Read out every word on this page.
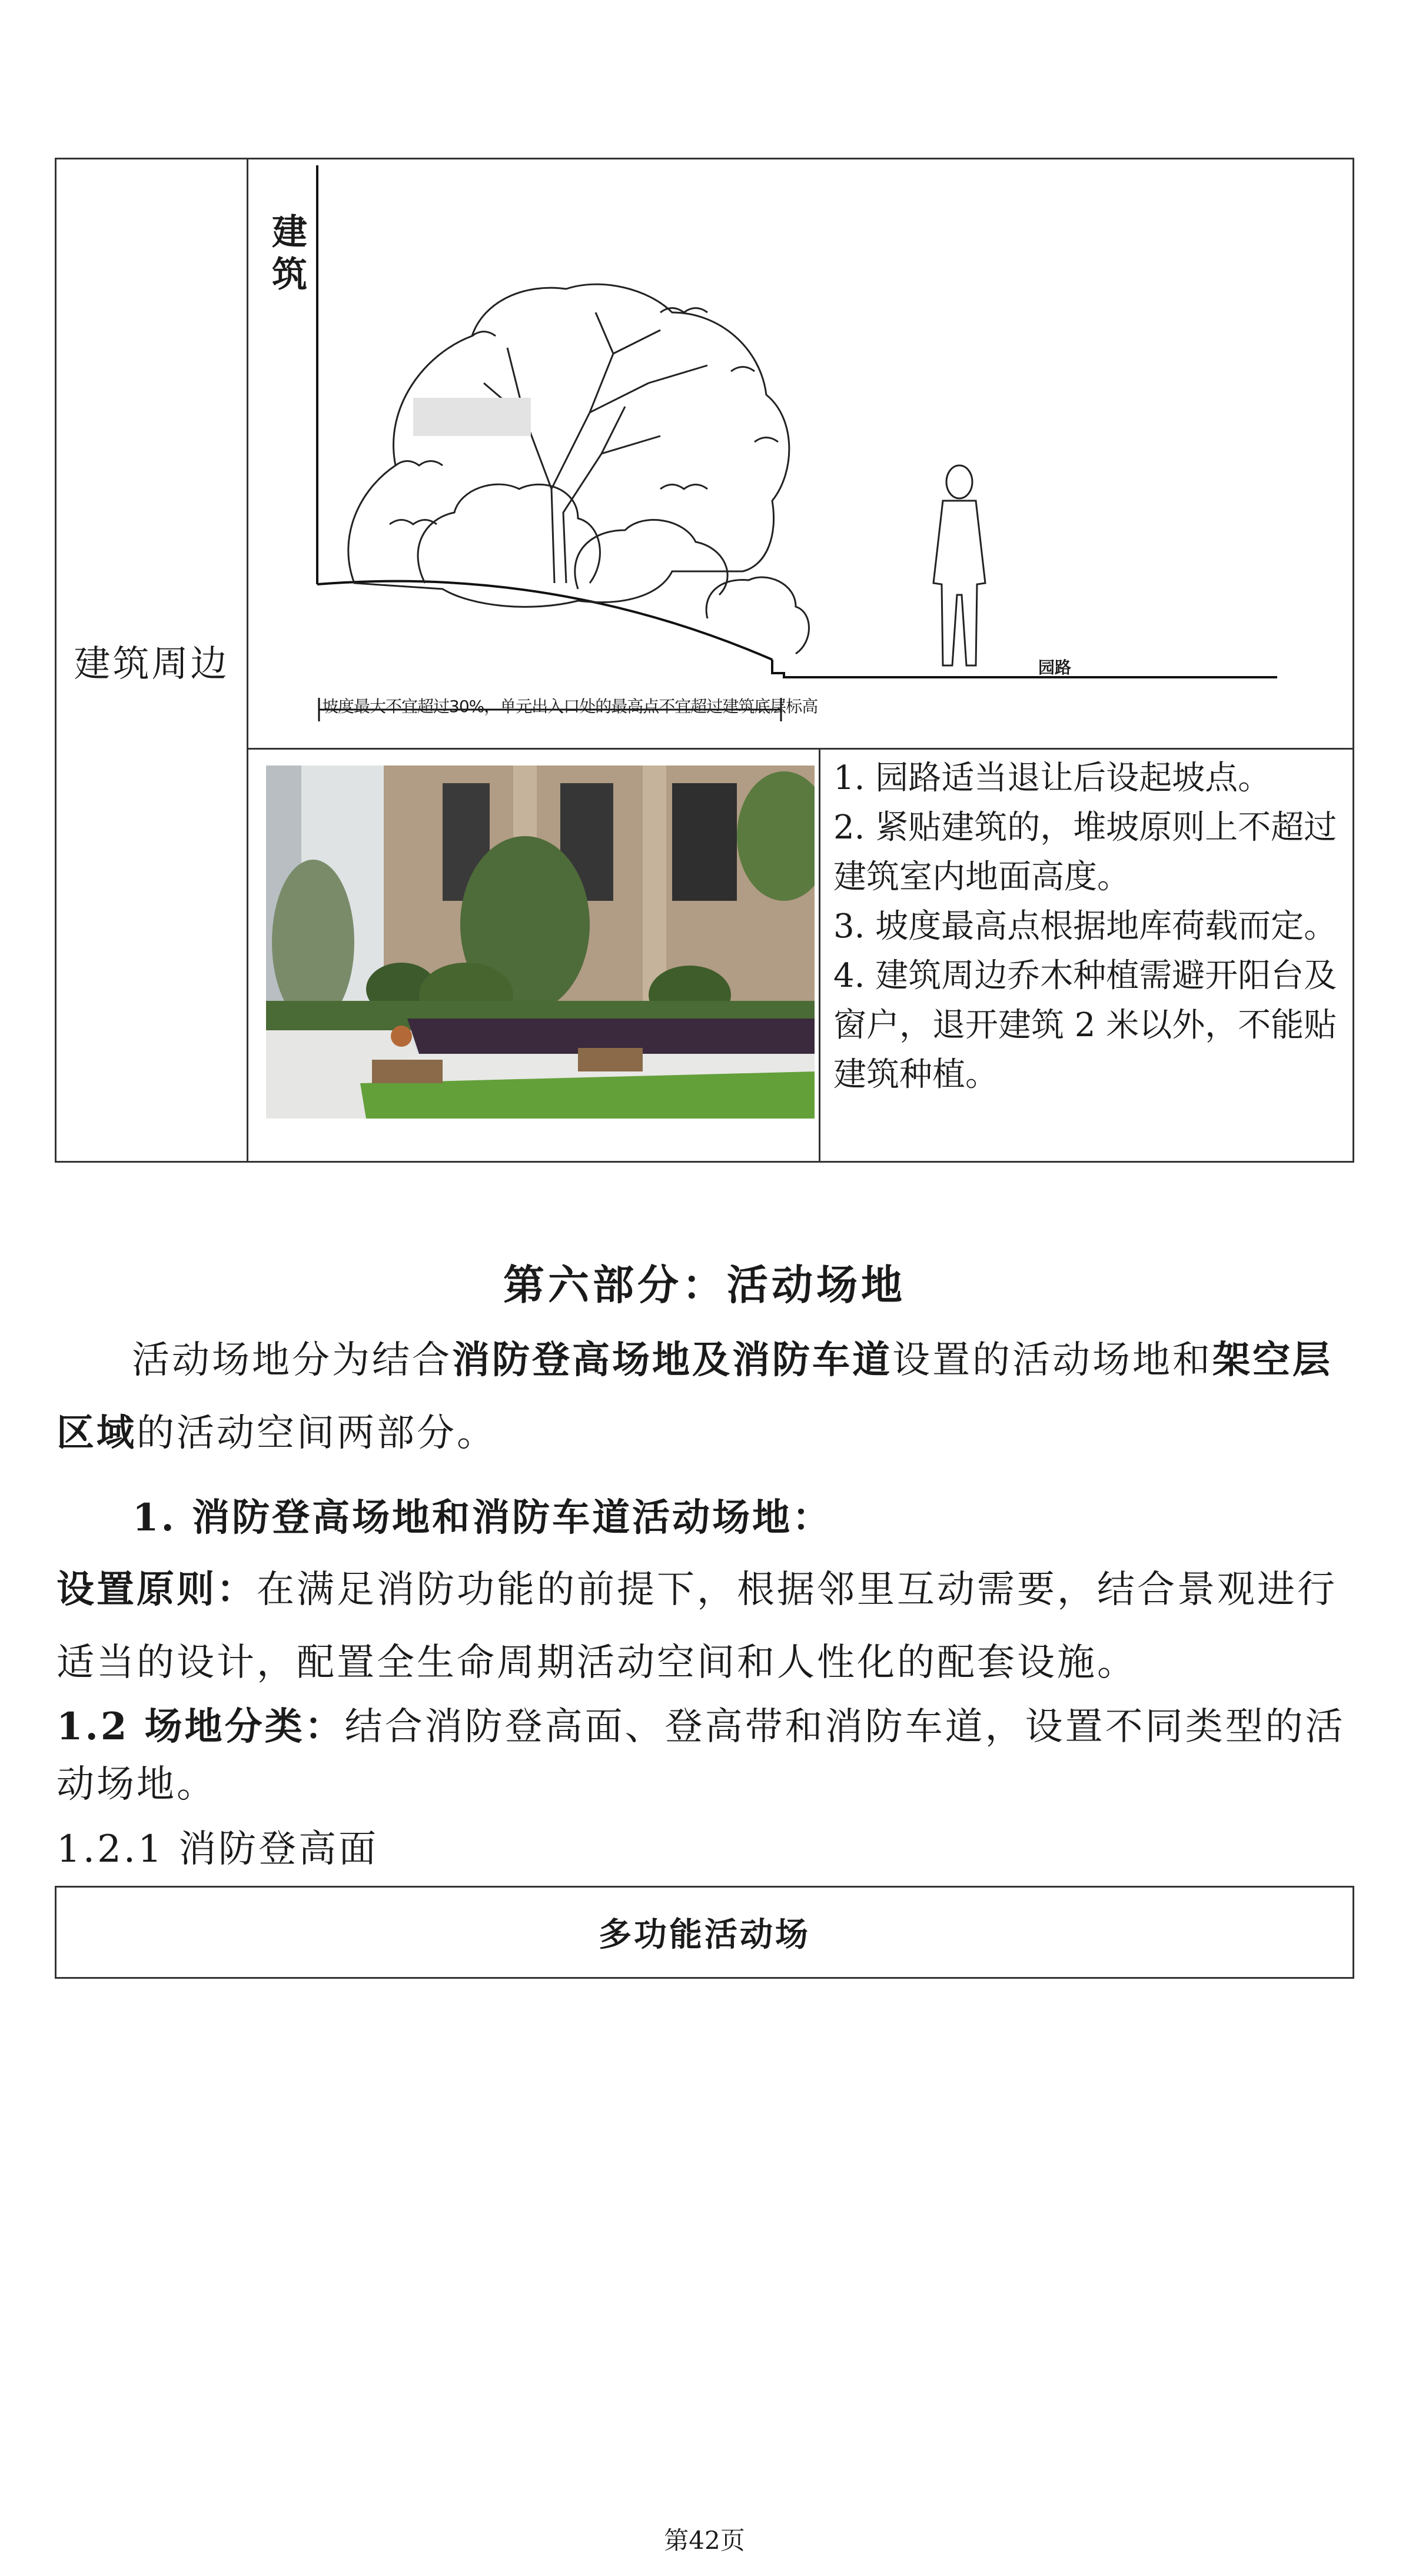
建筑周边
建筑
园路
坡度最大不宜超过30%，单元出入口处的最高点不宜超过建筑底层标高
1. 园路适当退让后设起坡点。
2. 紧贴建筑的，堆坡原则上不超过建筑室内地面高度。
3. 坡度最高点根据地库荷载而定。
4. 建筑周边乔木种植需避开阳台及窗户，退开建筑 2 米以外，不能贴建筑种植。
第六部分：活动场地
活动场地分为结合消防登高场地及消防车道设置的活动场地和架空层区域的活动空间两部分。
1. 消防登高场地和消防车道活动场地：
设置原则：在满足消防功能的前提下，根据邻里互动需要，结合景观进行适当的设计，配置全生命周期活动空间和人性化的配套设施。
1.2 场地分类：结合消防登高面、登高带和消防车道，设置不同类型的活动场地。
1.2.1 消防登高面
多功能活动场
第42页
